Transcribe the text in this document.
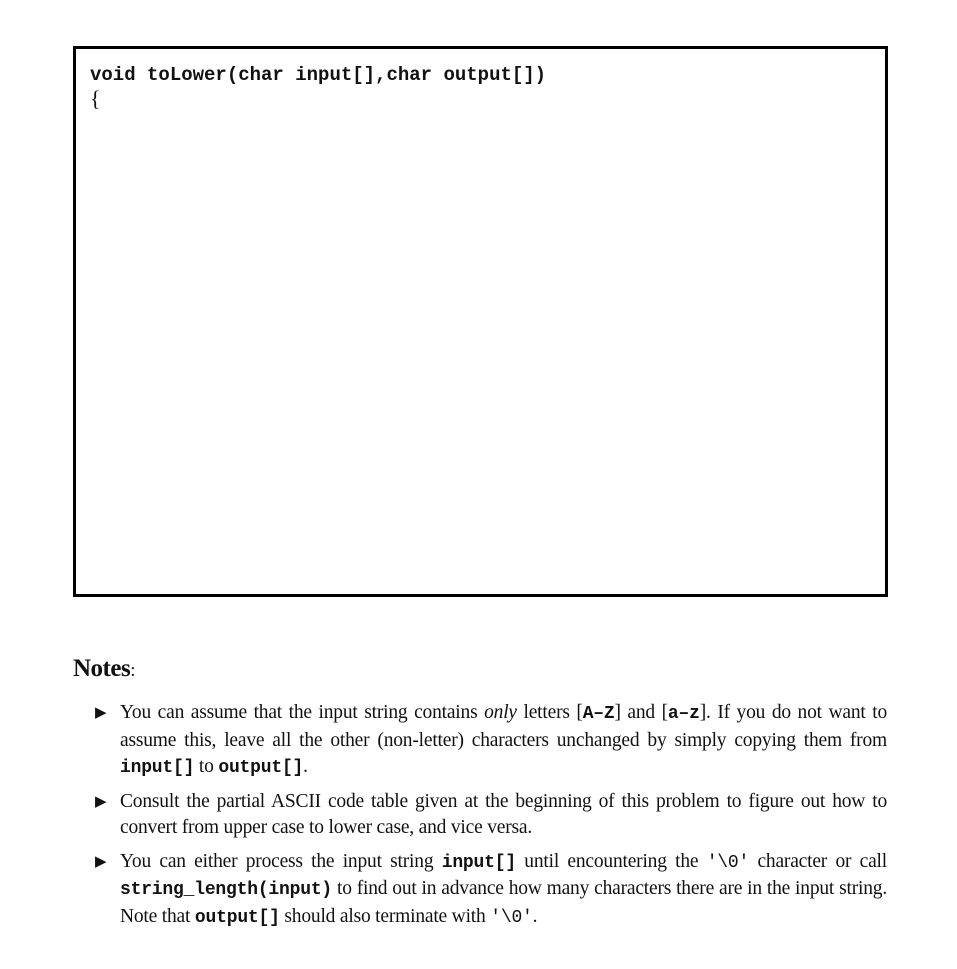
void toLower(char input[],char output[])
{
Notes:
▶ You can assume that the input string contains only letters [A–Z] and [a–z]. If you do not want to assume this, leave all the other (non-letter) characters unchanged by simply copying them from input[] to output[].
▶ Consult the partial ASCII code table given at the beginning of this problem to figure out how to convert from upper case to lower case, and vice versa.
▶ You can either process the input string input[] until encountering the '\0' character or call string_length(input) to find out in advance how many characters there are in the input string. Note that output[] should also terminate with '\0'.
